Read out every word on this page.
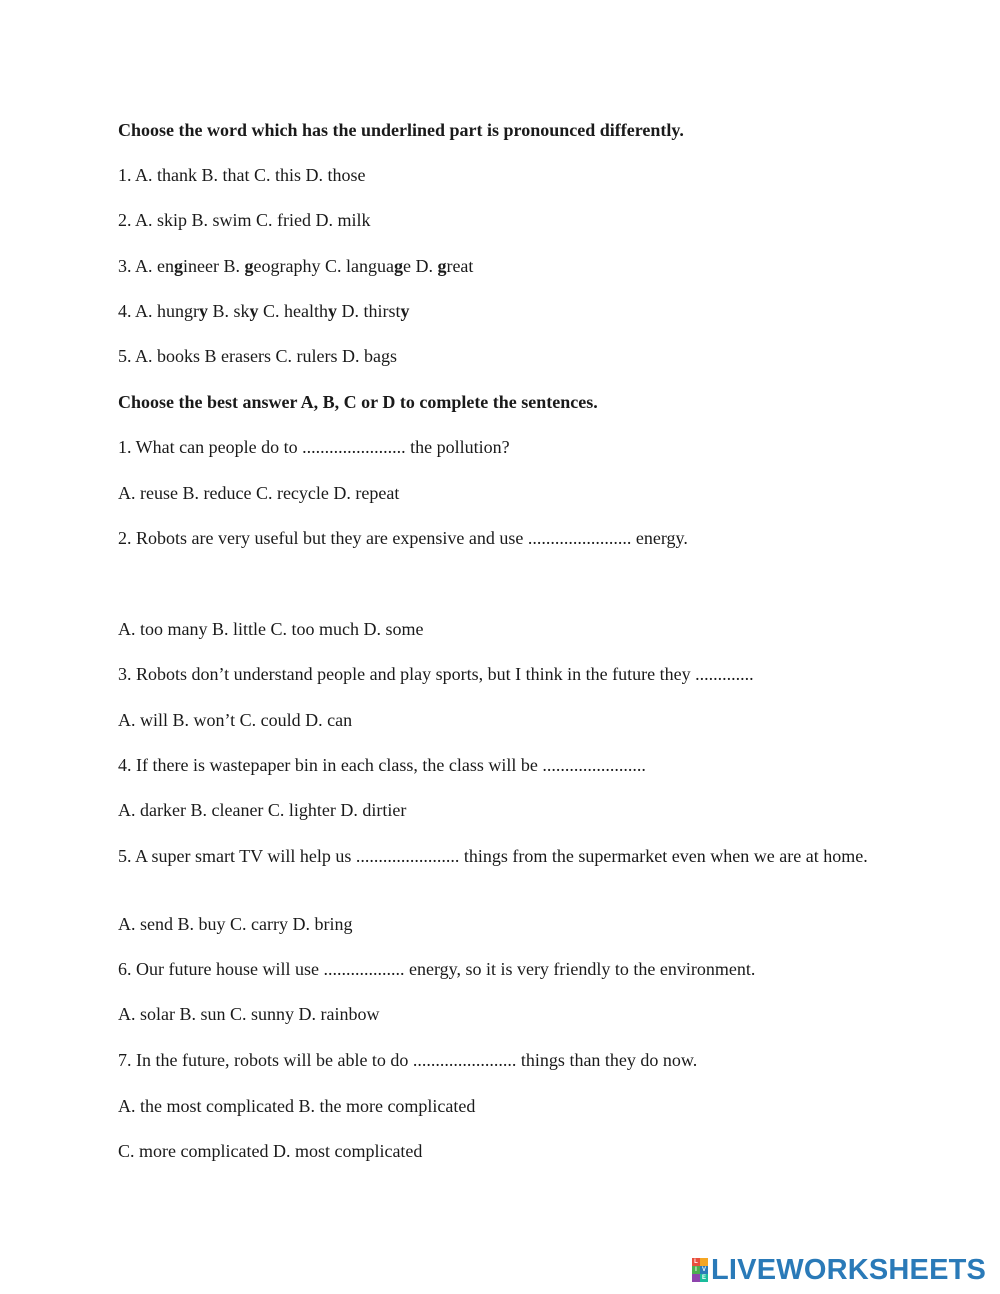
Choose the word which has the underlined part is pronounced differently.
1. A. thank B. that C. this D. those
2. A. skip B. swim C. fried D. milk
3. A. engineer B. geography C. language D. great
4. A. hungry B. sky C. healthy D. thirsty
5. A. books B erasers C. rulers D. bags
Choose the best answer A, B, C or D to complete the sentences.
1. What can people do to ....................... the pollution?
A. reuse B. reduce C. recycle D. repeat
2. Robots are very useful but they are expensive and use ....................... energy.
A. too many B. little C. too much D. some
3. Robots don’t understand people and play sports, but I think in the future they .............
A. will B. won’t C. could D. can
4. If there is wastepaper bin in each class, the class will be .......................
A. darker B. cleaner C. lighter D. dirtier
5. A super smart TV will help us ....................... things from the supermarket even when we are at home.
A. send B. buy C. carry D. bring
6. Our future house will use .................. energy, so it is very friendly to the environment.
A. solar B. sun C. sunny D. rainbow
7. In the future, robots will be able to do ....................... things than they do now.
A. the most complicated B. the more complicated
C. more complicated D. most complicated
L
I V
E LIVEWORKSHEETS
